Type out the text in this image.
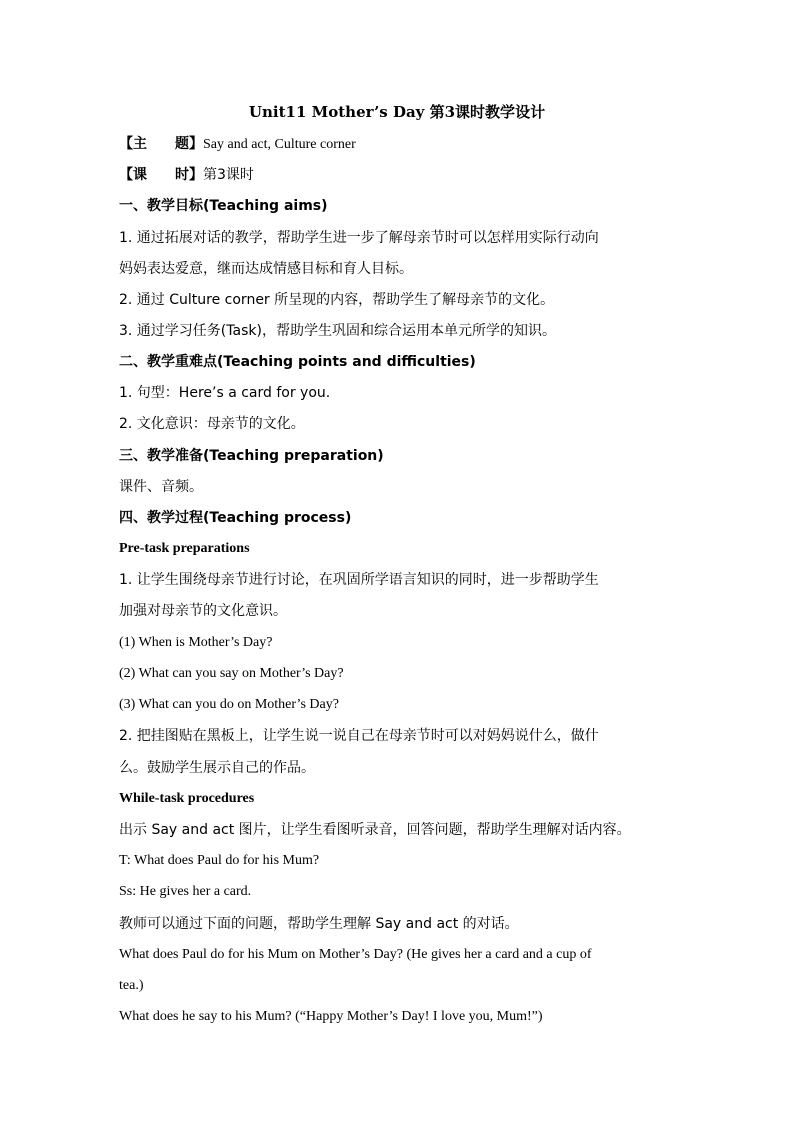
Unit11 Mother’s Day 第3课时教学设计
【主　　题】Say and act, Culture corner
【课　　时】第3课时
一、教学目标(Teaching aims)
1. 通过拓展对话的教学，帮助学生进一步了解母亲节时可以怎样用实际行动向
妈妈表达爱意，继而达成情感目标和育人目标。
2. 通过 Culture corner 所呈现的内容，帮助学生了解母亲节的文化。
3. 通过学习任务(Task)，帮助学生巩固和综合运用本单元所学的知识。
二、教学重难点(Teaching points and difficulties)
1. 句型：Here’s a card for you.
2. 文化意识：母亲节的文化。
三、教学准备(Teaching preparation)
课件、音频。
四、教学过程(Teaching process)
Pre-task preparations
1. 让学生围绕母亲节进行讨论，在巩固所学语言知识的同时，进一步帮助学生
加强对母亲节的文化意识。
(1) When is Mother’s Day?
(2) What can you say on Mother’s Day?
(3) What can you do on Mother’s Day?
2. 把挂图贴在黑板上，让学生说一说自己在母亲节时可以对妈妈说什么，做什
么。鼓励学生展示自己的作品。
While-task procedures
出示 Say and act 图片，让学生看图听录音，回答问题，帮助学生理解对话内容。
T: What does Paul do for his Mum?
Ss: He gives her a card.
教师可以通过下面的问题，帮助学生理解 Say and act 的对话。
What does Paul do for his Mum on Mother’s Day? (He gives her a card and a cup of
tea.)
What does he say to his Mum? (“Happy Mother’s Day! I love you, Mum!”)
